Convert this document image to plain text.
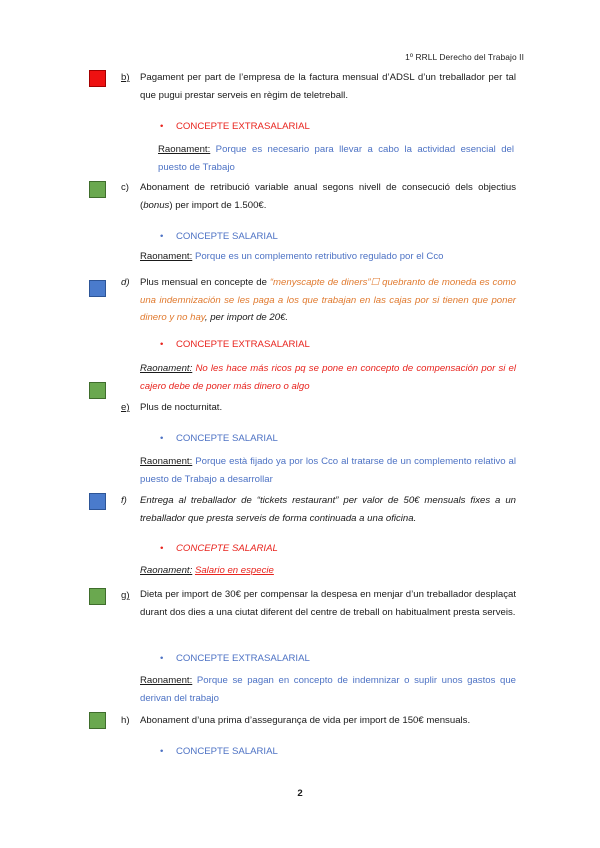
1º RRLL Derecho del Trabajo II
b)	Pagament per part de l’empresa de la factura mensual d’ADSL d’un treballador per tal que pugui prestar serveis en règim de teletreball.
• CONCEPTE EXTRASALARIAL
Raonament: Porque es necesario para llevar a cabo la actividad esencial del puesto de Trabajo
c)	Abonament de retribució variable anual segons nivell de consecució dels objectius (bonus) per import de 1.500€.
• CONCEPTE SALARIAL
Raonament: Porque es un complemento retributivo regulado por el Cco
d)	Plus mensual en concepte de “menyscapte de diners”☐ quebranto de moneda es como una indemnización se les paga a los que trabajan en las cajas por si tienen que poner dinero y no hay, per import de 20€.
• CONCEPTE EXTRASALARIAL
Raonament: No les hace más ricos pq se pone en concepto de compensación por si el cajero debe de poner más dinero o algo
e)	Plus de nocturnitat.
• CONCEPTE SALARIAL
Raonament: Porque està fijado ya por los Cco al tratarse de un complemento relativo al puesto de Trabajo a desarrollar
f)	Entrega al treballador de “tickets restaurant” per valor de 50€ mensuals fixes a un treballador que presta serveis de forma continuada a una oficina.
• CONCEPTE SALARIAL
Raonament: Salario en especie
g)	Dieta per import de 30€ per compensar la despesa en menjar d’un treballador desplaçat durant dos dies a una ciutat diferent del centre de treball on habitualment presta serveis.
• CONCEPTE EXTRASALARIAL
Raonament: Porque se pagan en concepto de indemnizar o suplir unos gastos que derivan del trabajo
h)	Abonament d’una prima d’assegurança de vida per import de 150€ mensuals.
• CONCEPTE SALARIAL
2
